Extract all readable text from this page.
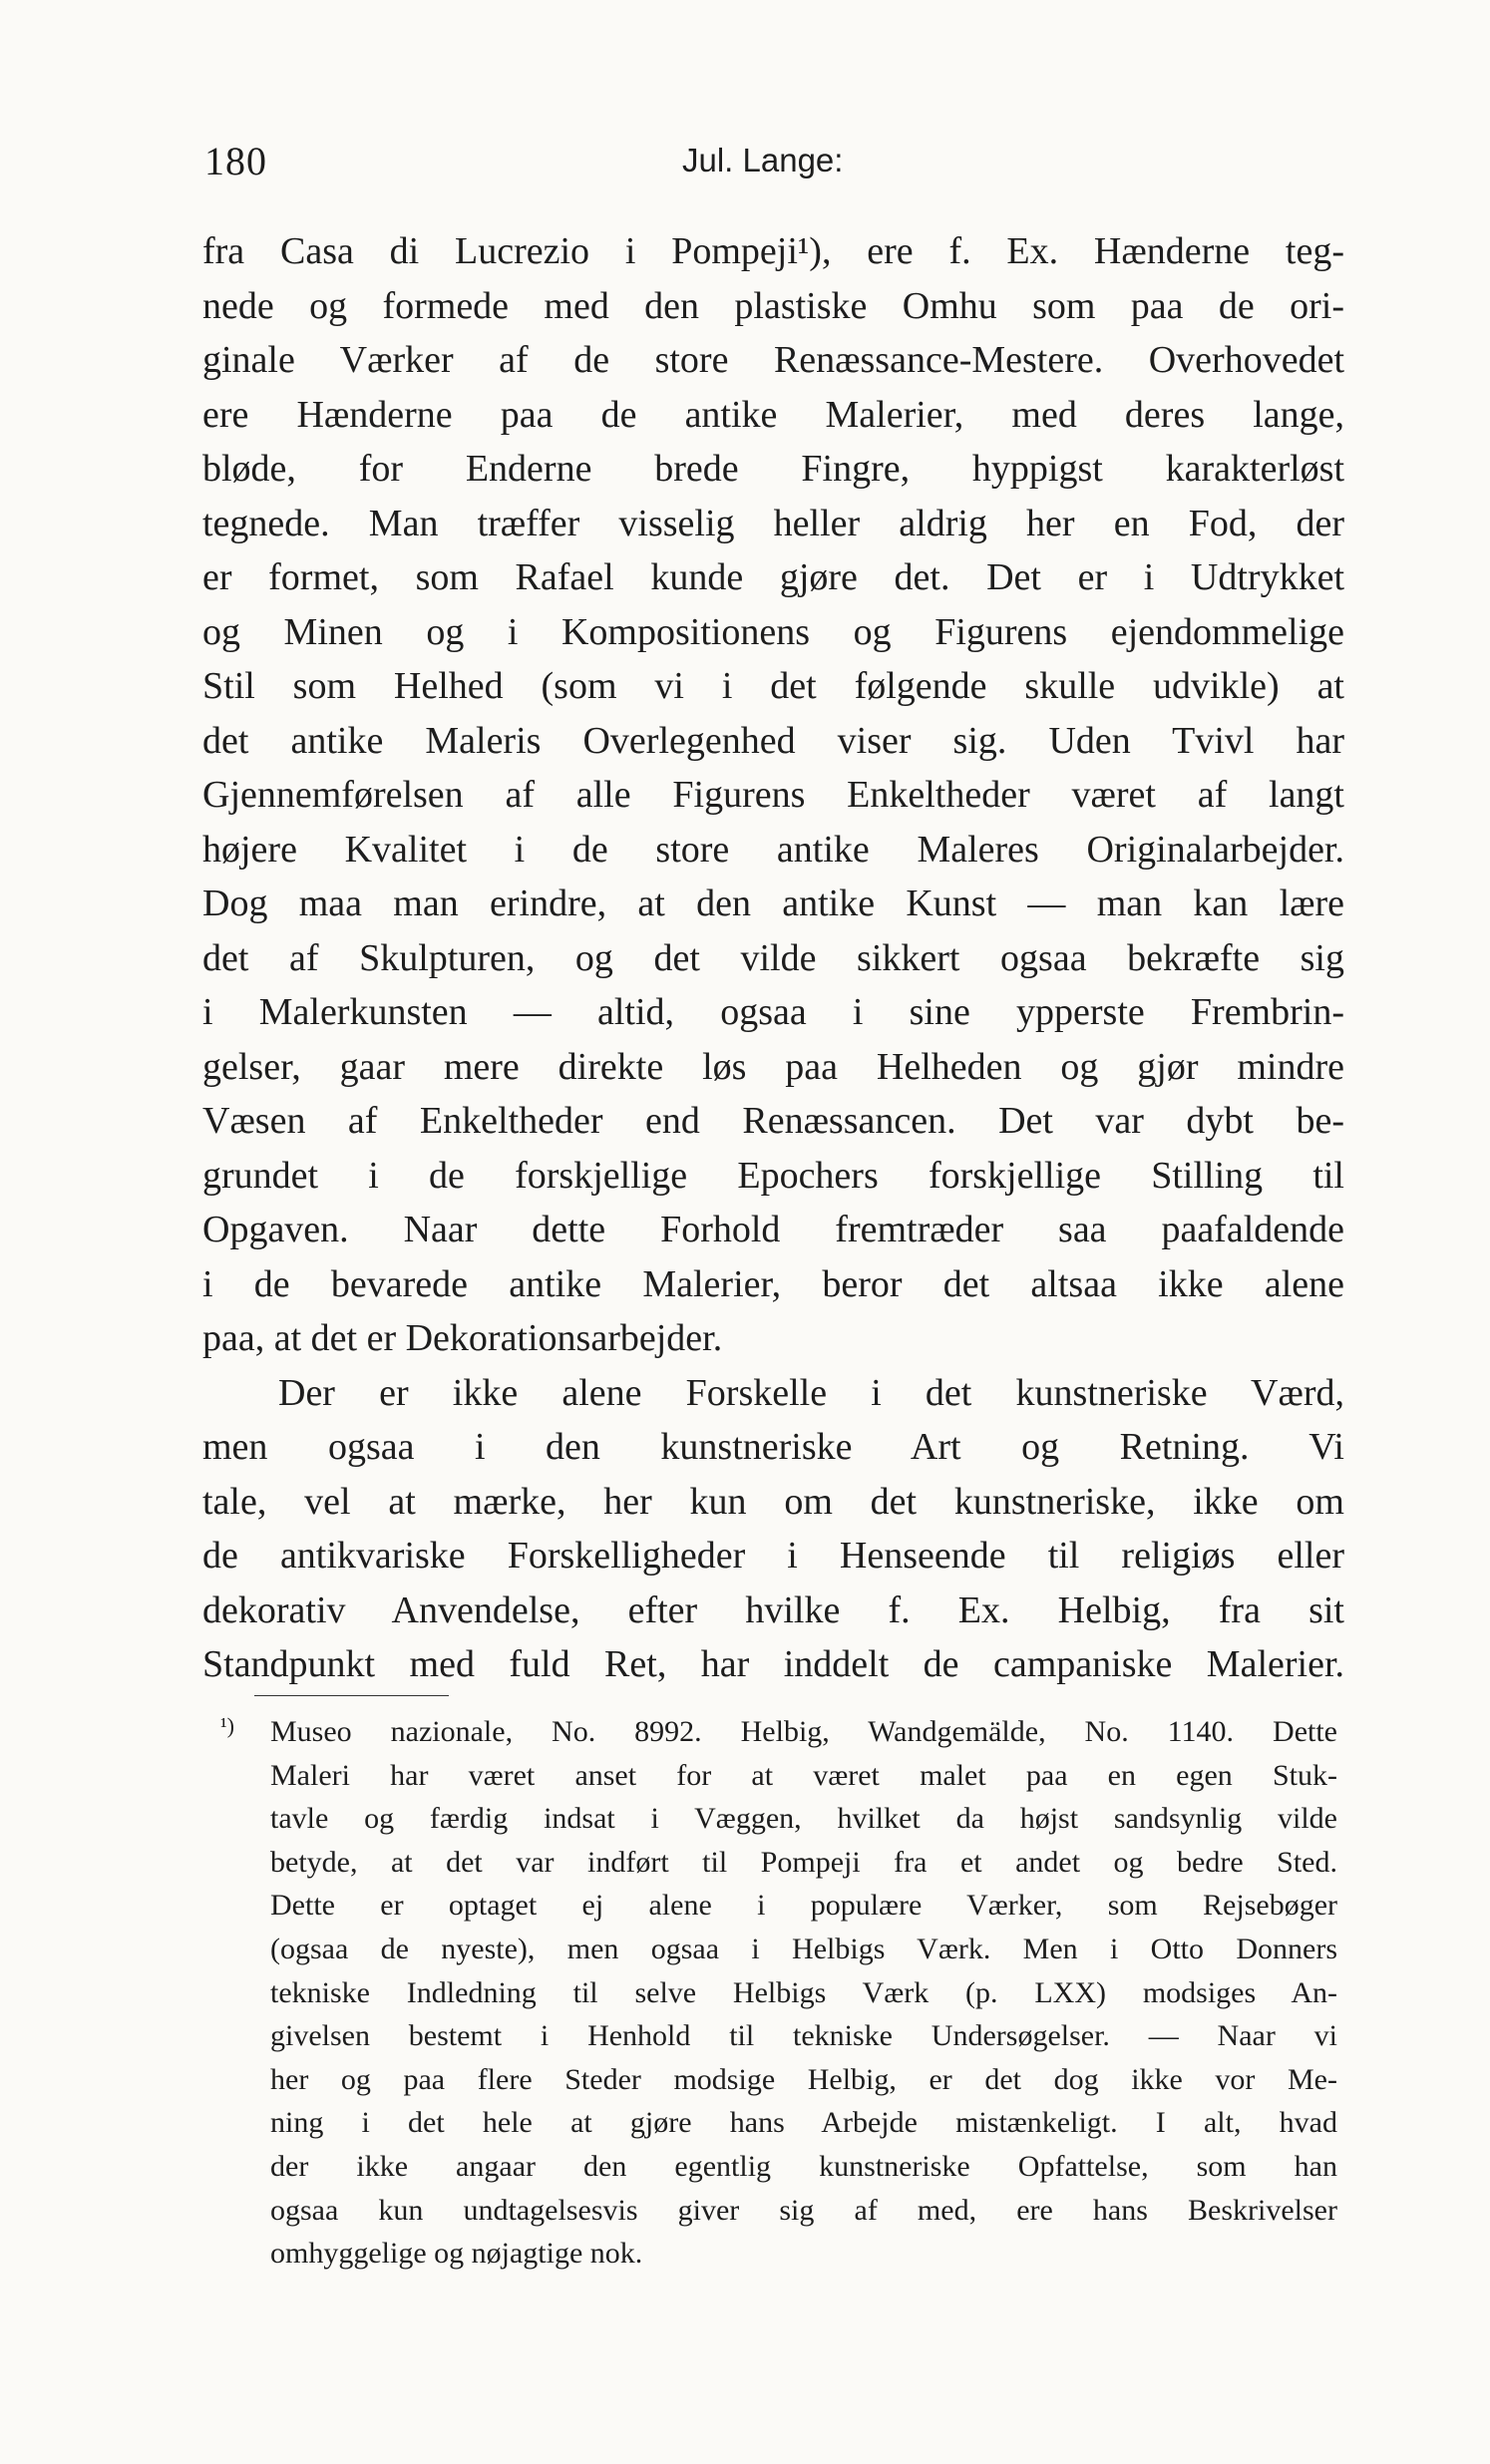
180	Jul. Lange:
fra Casa di Lucrezio i Pompeji¹), ere f. Ex. Hænderne teg-
nede og formede med den plastiske Omhu som paa de ori-
ginale Værker af de store Renæssance-Mestere. Overhovedet
ere Hænderne paa de antike Malerier, med deres lange,
bløde, for Enderne brede Fingre, hyppigst karakterløst
tegnede. Man træffer visselig heller aldrig her en Fod, der
er formet, som Rafael kunde gjøre det. Det er i Udtrykket
og Minen og i Kompositionens og Figurens ejendommelige
Stil som Helhed (som vi i det følgende skulle udvikle) at
det antike Maleris Overlegenhed viser sig. Uden Tvivl har
Gjennemførelsen af alle Figurens Enkeltheder været af langt
højere Kvalitet i de store antike Maleres Originalarbejder.
Dog maa man erindre, at den antike Kunst — man kan lære
det af Skulpturen, og det vilde sikkert ogsaa bekræfte sig
i Malerkunsten — altid, ogsaa i sine ypperste Frembrin-
gelser, gaar mere direkte løs paa Helheden og gjør mindre
Væsen af Enkeltheder end Renæssancen. Det var dybt be-
grundet i de forskjellige Epochers forskjellige Stilling til
Opgaven. Naar dette Forhold fremtræder saa paafaldende
i de bevarede antike Malerier, beror det altsaa ikke alene
paa, at det er Dekorationsarbejder.
Der er ikke alene Forskelle i det kunstneriske Værd,
men ogsaa i den kunstneriske Art og Retning. Vi
tale, vel at mærke, her kun om det kunstneriske, ikke om
de antikvariske Forskelligheder i Henseende til religiøs eller
dekorativ Anvendelse, efter hvilke f. Ex. Helbig, fra sit
Standpunkt med fuld Ret, har inddelt de campaniske Malerier.
¹) Museo nazionale, No. 8992. Helbig, Wandgemälde, No. 1140. Dette
Maleri har været anset for at været malet paa en egen Stuk-
tavle og færdig indsat i Væggen, hvilket da højst sandsynlig vilde
betyde, at det var indført til Pompeji fra et andet og bedre Sted.
Dette er optaget ej alene i populære Værker, som Rejsebøger
(ogsaa de nyeste), men ogsaa i Helbigs Værk. Men i Otto Donners
tekniske Indledning til selve Helbigs Værk (p. LXX) modsiges An-
givelsen bestemt i Henhold til tekniske Undersøgelser. — Naar vi
her og paa flere Steder modsige Helbig, er det dog ikke vor Me-
ning i det hele at gjøre hans Arbejde mistænkeligt. I alt, hvad
der ikke angaar den egentlig kunstneriske Opfattelse, som han
ogsaa kun undtagelsesvis giver sig af med, ere hans Beskrivelser
omhyggelige og nøjagtige nok.
